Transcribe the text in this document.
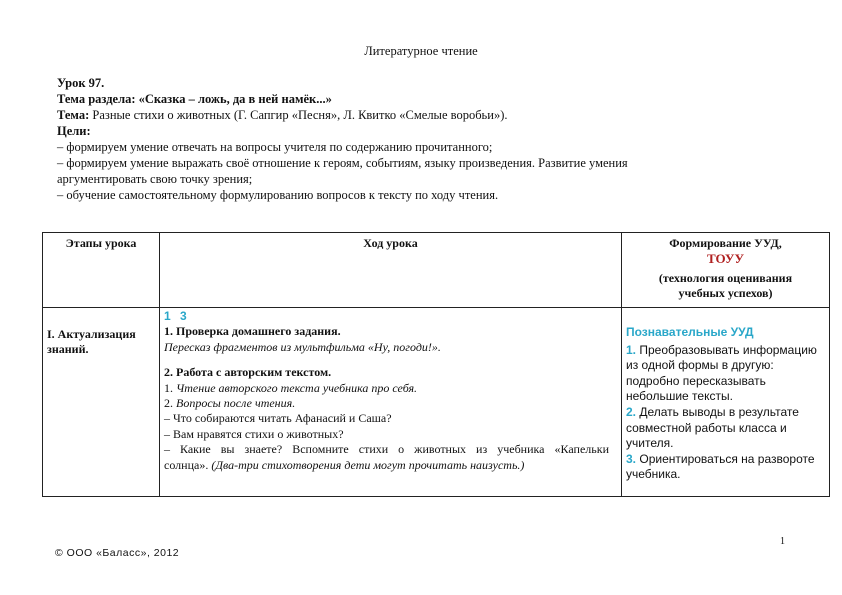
Литературное чтение
Урок 97.
Тема раздела: «Сказка – ложь, да в ней намёк...»
Тема: Разные стихи о животных (Г. Сапгир «Песня», Л. Квитко «Смелые воробьи»).
Цели:
– формируем умение отвечать на вопросы учителя по содержанию прочитанного;
– формируем умение выражать своё отношение к героям, событиям, языку произведения. Развитие умения
аргументировать свою точку зрения;
– обучение самостоятельному формулированию вопросов к тексту по ходу чтения.
Этапы урока	Ход урока	Формирование УУД,
ТОУУ
(технология оценивания
учебных успехов)
I. Актуализация
знаний.
1 3
1. Проверка домашнего задания.
Пересказ фрагментов из мультфильма «Ну, погоди!».
2. Работа с авторским текстом.
1. Чтение авторского текста учебника про себя.
2. Вопросы после чтения.
– Что собираются читать Афанасий и Саша?
– Вам нравятся стихи о животных?
– Какие вы знаете? Вспомните стихи о животных из учебника «Капельки
солнца». (Два-три стихотворения дети могут прочитать наизусть.)
Познавательные УУД
1. Преобразовывать информацию
из одной формы в другую:
подробно пересказывать
небольшие тексты.
2. Делать выводы в результате
совместной работы класса и
учителя.
3. Ориентироваться на развороте
учебника.
1
© ООО «Баласс», 2012
